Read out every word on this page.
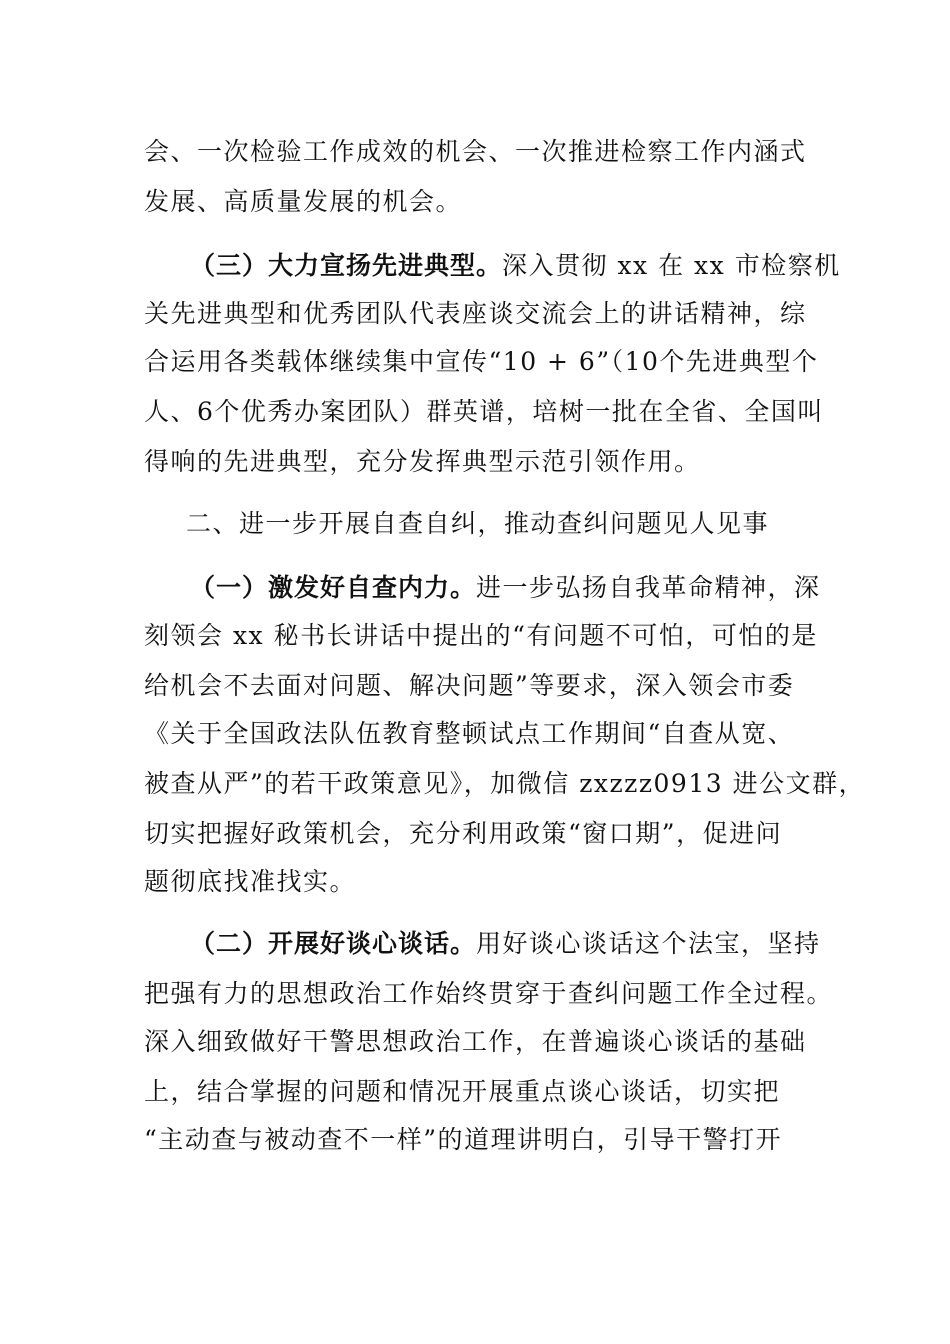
会、一次检验工作成效的机会、一次推进检察工作内涵式
发展、高质量发展的机会。
（三）大力宣扬先进典型。深入贯彻 xx 在 xx 市检察机
关先进典型和优秀团队代表座谈交流会上的讲话精神，综
合运用各类载体继续集中宣传“10 + 6”（10个先进典型个
人、6个优秀办案团队）群英谱，培树一批在全省、全国叫
得响的先进典型，充分发挥典型示范引领作用。
二、进一步开展自查自纠，推动查纠问题见人见事
（一）激发好自查内力。进一步弘扬自我革命精神，深
刻领会 xx 秘书长讲话中提出的“有问题不可怕，可怕的是
给机会不去面对问题、解决问题”等要求，深入领会市委
《关于全国政法队伍教育整顿试点工作期间“自查从宽、
被查从严”的若干政策意见》，加微信 zxzzz0913 进公文群，
切实把握好政策机会，充分利用政策“窗口期”，促进问
题彻底找准找实。
（二）开展好谈心谈话。用好谈心谈话这个法宝，坚持
把强有力的思想政治工作始终贯穿于查纠问题工作全过程。
深入细致做好干警思想政治工作，在普遍谈心谈话的基础
上，结合掌握的问题和情况开展重点谈心谈话，切实把
“主动查与被动查不一样”的道理讲明白，引导干警打开
